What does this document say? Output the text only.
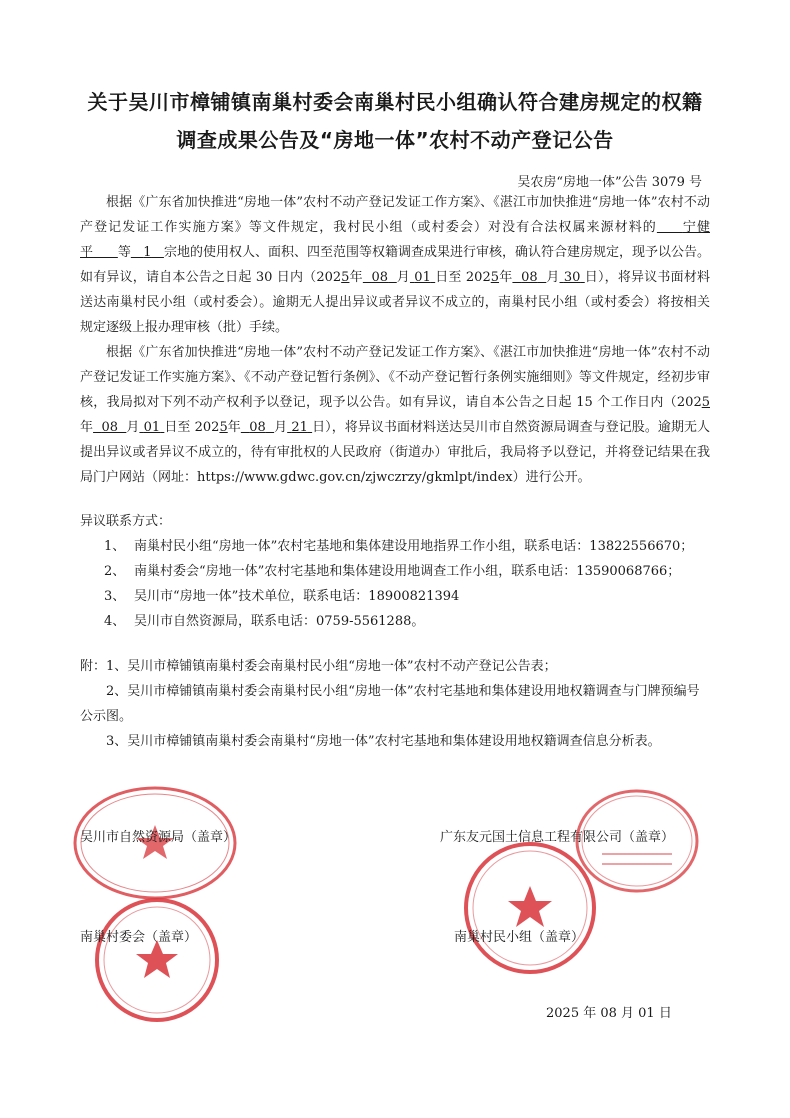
关于吴川市樟铺镇南巢村委会南巢村民小组确认符合建房规定的权籍
调查成果公告及“房地一体”农村不动产登记公告
吴农房“房地一体”公告 3079 号

根据《广东省加快推进“房地一体”农村不动产登记发证工作方案》、《湛江市加快推进“房地一体”农村不动产登记发证工作实施方案》等文件规定，我村民小组（或村委会）对没有合法权属来源材料的 宁健平 等 1 宗地的使用权人、面积、四至范围等权籍调查成果进行审核，确认符合建房规定，现予以公告。如有异议，请自本公告之日起 30 日内（2025年 08 月 01 日至 2025年 08 月 30 日），将异议书面材料送达南巢村民小组（或村委会）。逾期无人提出异议或者异议不成立的，南巢村民小组（或村委会）将按相关规定逐级上报办理审核（批）手续。

根据《广东省加快推进“房地一体”农村不动产登记发证工作方案》、《湛江市加快推进“房地一体”农村不动产登记发证工作实施方案》、《不动产登记暂行条例》、《不动产登记暂行条例实施细则》等文件规定，经初步审核，我局拟对下列不动产权利予以登记，现予以公告。如有异议，请自本公告之日起 15 个工作日内（2025年 08 月 01 日至 2025年 08 月 21 日），将异议书面材料送达吴川市自然资源局调查与登记股。逾期无人提出异议或者异议不成立的，待有审批权的人民政府（街道办）审批后，我局将予以登记，并将登记结果在我局门户网站（网址：https://www.gdwc.gov.cn/zjwczrzy/gkmlpt/index）进行公开。

异议联系方式：
1、 南巢村民小组“房地一体”农村宅基地和集体建设用地指界工作小组，联系电话：13822556670；
2、 南巢村委会“房地一体”农村宅基地和集体建设用地调查工作小组，联系电话：13590068766；
3、 吴川市“房地一体”技术单位，联系电话：18900821394
4、 吴川市自然资源局，联系电话：0759-5561288。
附：1、吴川市樟铺镇南巢村委会南巢村民小组“房地一体”农村不动产登记公告表；
2、吴川市樟铺镇南巢村委会南巢村民小组“房地一体”农村宅基地和集体建设用地权籍调查与门牌预编号公示图。
3、吴川市樟铺镇南巢村委会南巢村“房地一体”农村宅基地和集体建设用地权籍调查信息分析表。
吴川市自然资源局（盖章）	广东友元国土信息工程有限公司（盖章）
南巢村委会（盖章）	南巢村民小组（盖章）
2025 年 08 月 01 日
